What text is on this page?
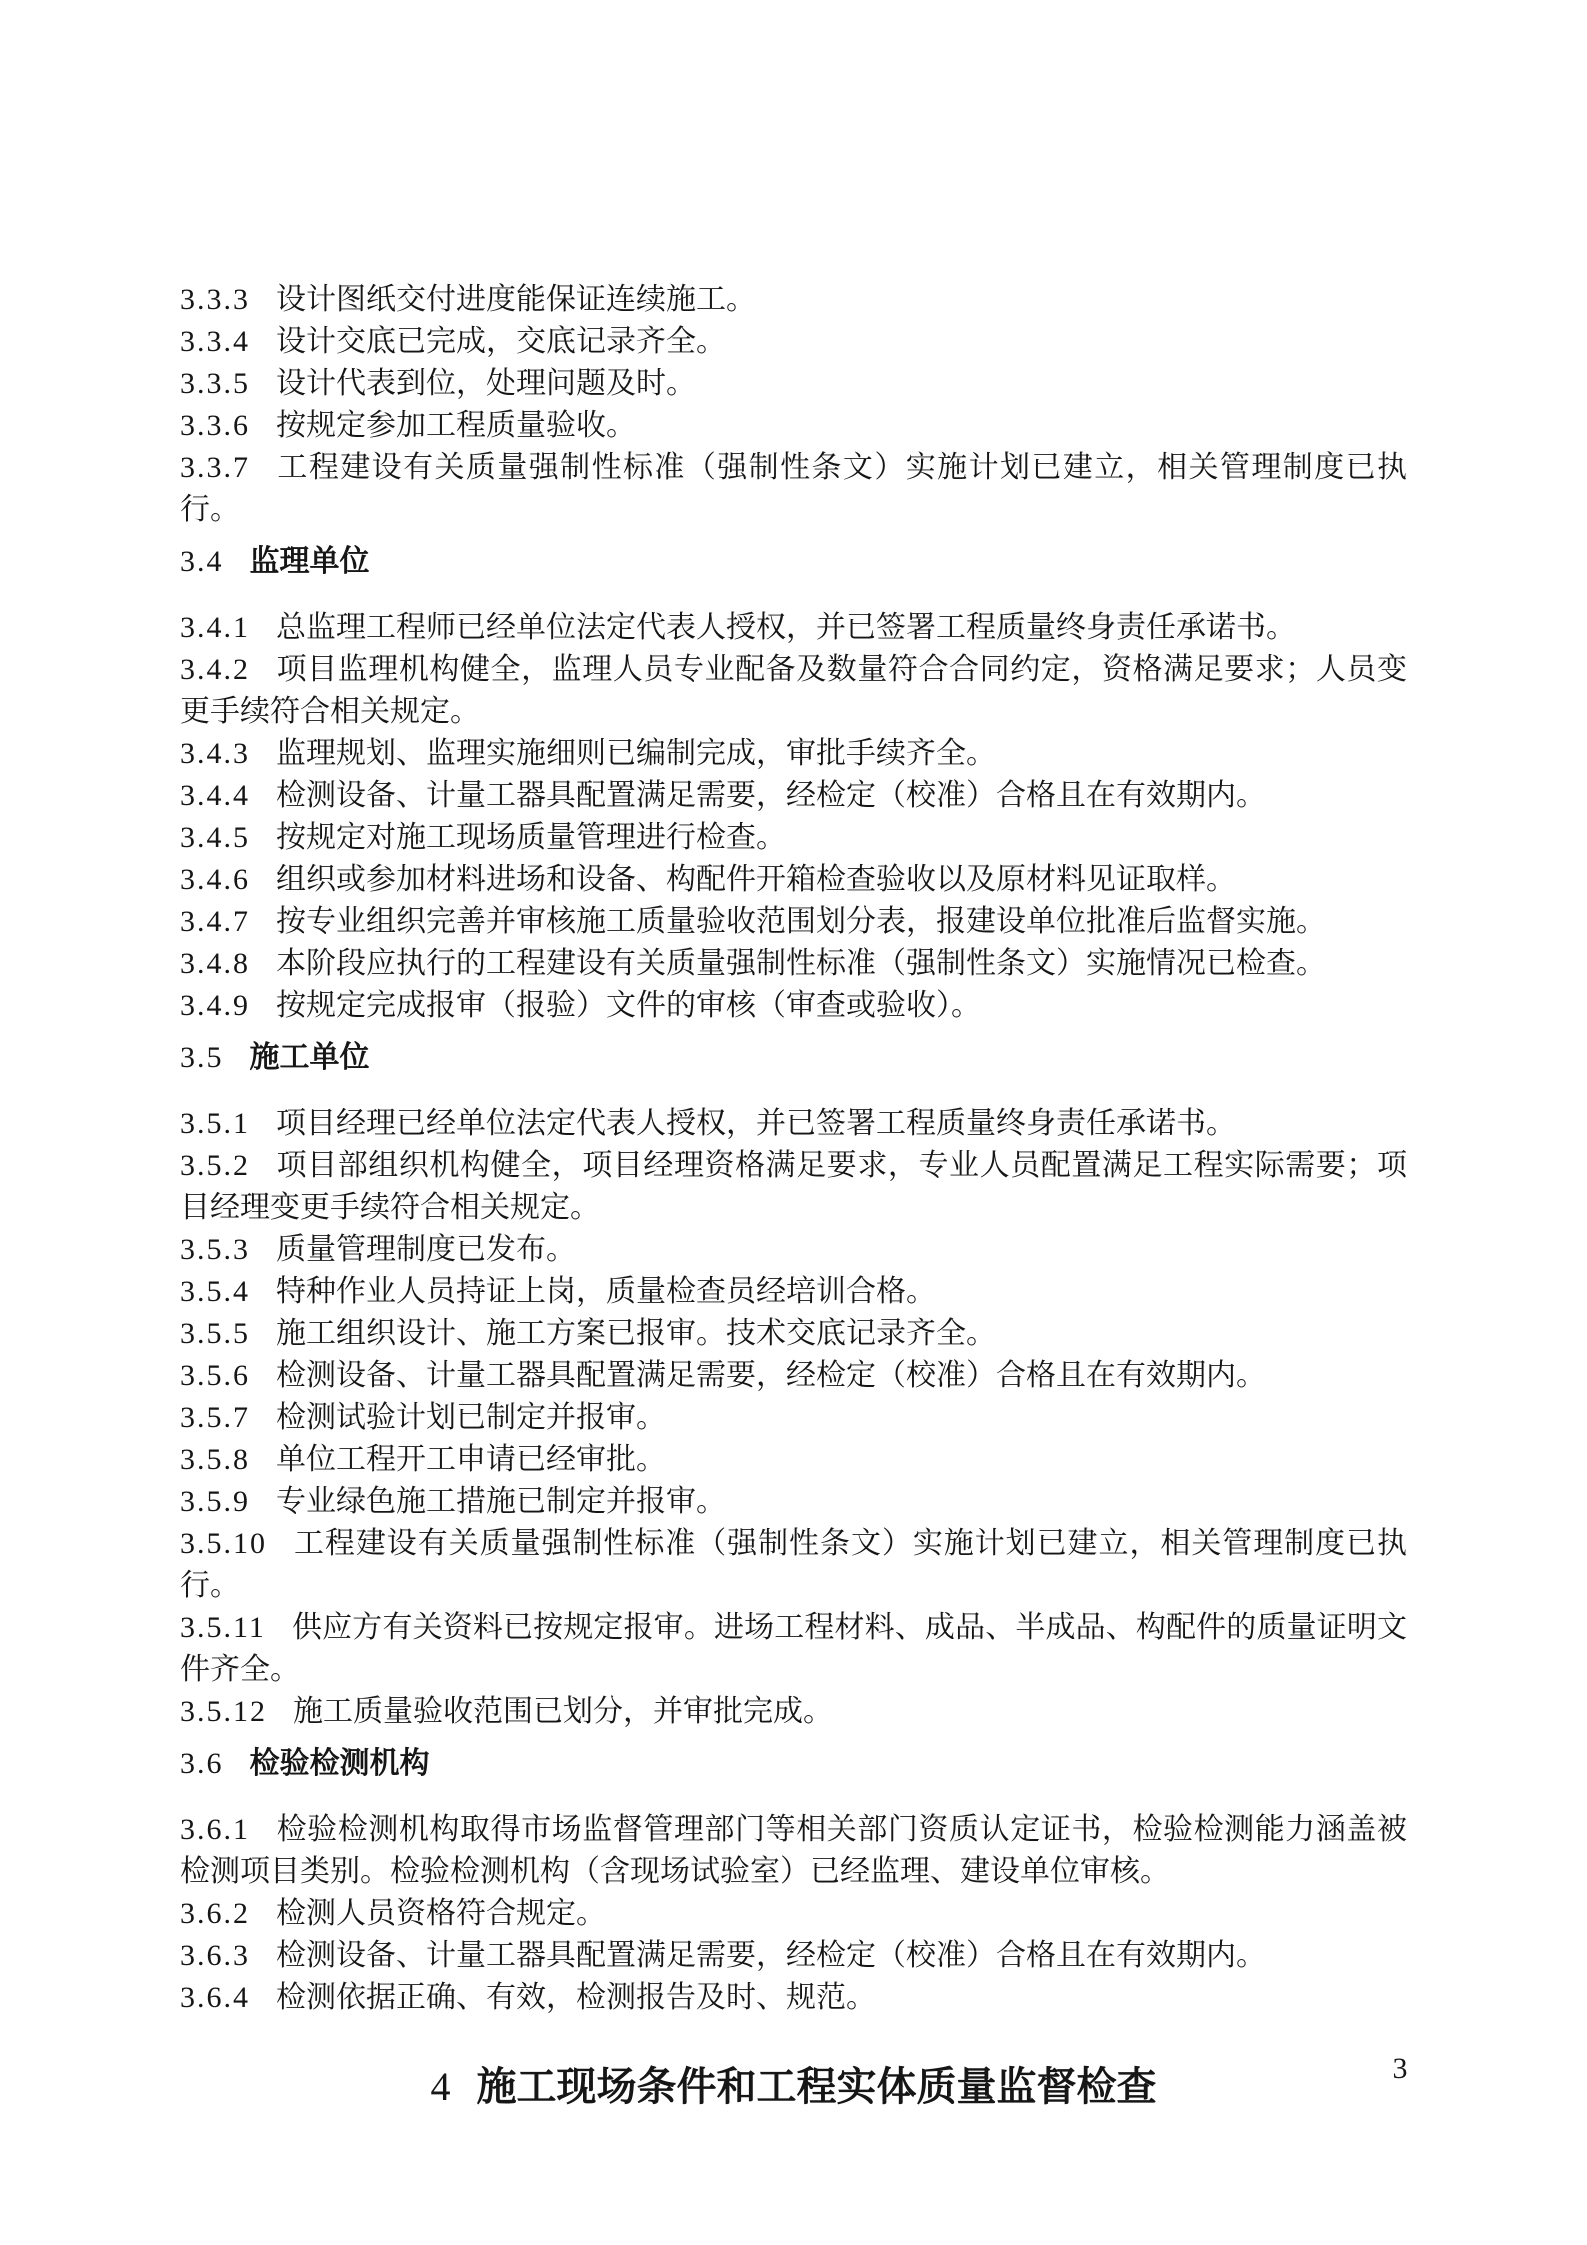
3.3.3 设计图纸交付进度能保证连续施工。

3.3.4 设计交底已完成，交底记录齐全。

3.3.5 设计代表到位，处理问题及时。

3.3.6 按规定参加工程质量验收。

3.3.7 工程建设有关质量强制性标准（强制性条文）实施计划已建立，相关管理制度已执行。

3.4 监理单位

3.4.1 总监理工程师已经单位法定代表人授权，并已签署工程质量终身责任承诺书。

3.4.2 项目监理机构健全，监理人员专业配备及数量符合合同约定，资格满足要求；人员变更手续符合相关规定。

3.4.3 监理规划、监理实施细则已编制完成，审批手续齐全。

3.4.4 检测设备、计量工器具配置满足需要，经检定（校准）合格且在有效期内。

3.4.5 按规定对施工现场质量管理进行检查。

3.4.6 组织或参加材料进场和设备、构配件开箱检查验收以及原材料见证取样。

3.4.7 按专业组织完善并审核施工质量验收范围划分表，报建设单位批准后监督实施。

3.4.8 本阶段应执行的工程建设有关质量强制性标准（强制性条文）实施情况已检查。

3.4.9 按规定完成报审（报验）文件的审核（审查或验收）。

3.5 施工单位

3.5.1 项目经理已经单位法定代表人授权，并已签署工程质量终身责任承诺书。

3.5.2 项目部组织机构健全，项目经理资格满足要求，专业人员配置满足工程实际需要；项目经理变更手续符合相关规定。

3.5.3 质量管理制度已发布。

3.5.4 特种作业人员持证上岗，质量检查员经培训合格。

3.5.5 施工组织设计、施工方案已报审。技术交底记录齐全。

3.5.6 检测设备、计量工器具配置满足需要，经检定（校准）合格且在有效期内。

3.5.7 检测试验计划已制定并报审。

3.5.8 单位工程开工申请已经审批。

3.5.9 专业绿色施工措施已制定并报审。

3.5.10 工程建设有关质量强制性标准（强制性条文）实施计划已建立，相关管理制度已执行。

3.5.11 供应方有关资料已按规定报审。进场工程材料、成品、半成品、构配件的质量证明文件齐全。

3.5.12 施工质量验收范围已划分，并审批完成。

3.6 检验检测机构

3.6.1 检验检测机构取得市场监督管理部门等相关部门资质认定证书，检验检测能力涵盖被检测项目类别。检验检测机构（含现场试验室）已经监理、建设单位审核。

3.6.2 检测人员资格符合规定。

3.6.3 检测设备、计量工器具配置满足需要，经检定（校准）合格且在有效期内。

3.6.4 检测依据正确、有效，检测报告及时、规范。

4 施工现场条件和工程实体质量监督检查	3
